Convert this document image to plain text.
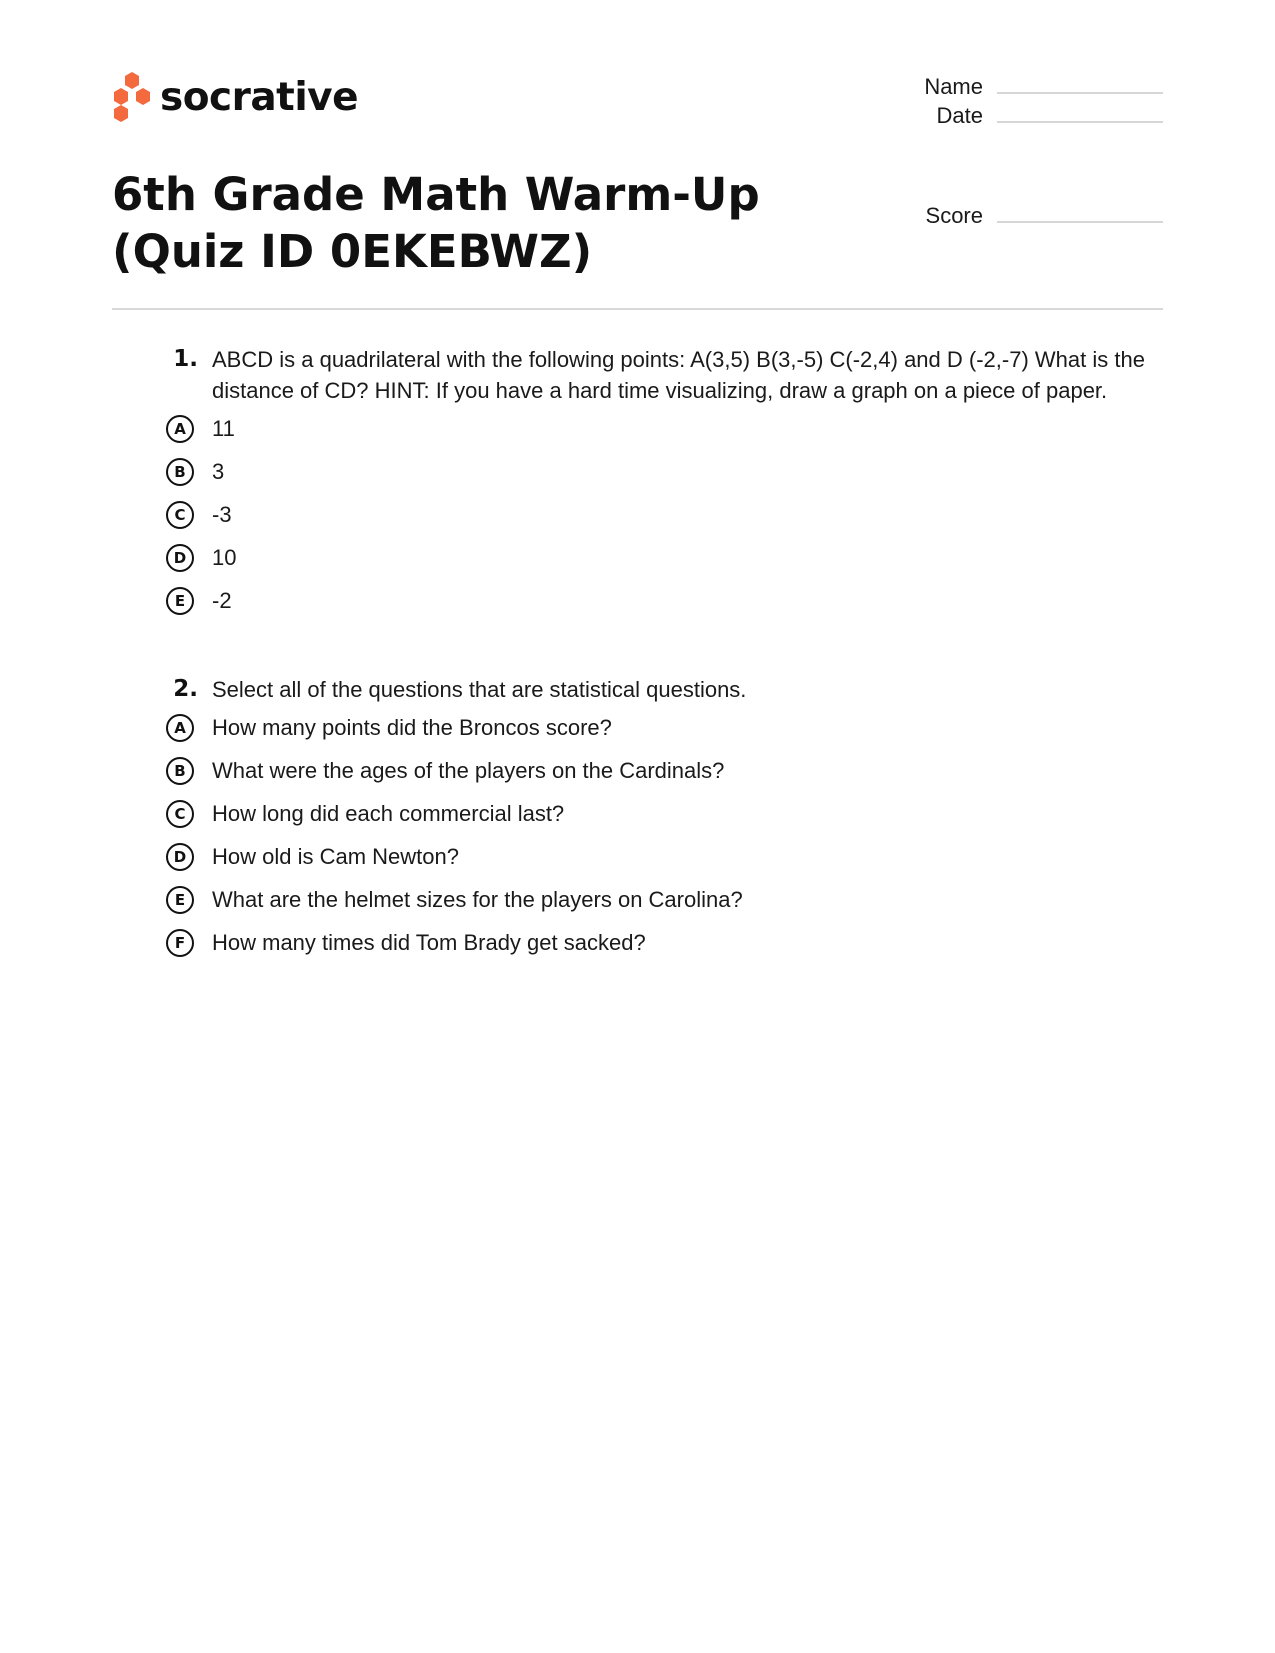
socrative	Name
Date
Score
6th Grade Math Warm-Up (Quiz ID 0EKEBWZ)
1. ABCD is a quadrilateral with the following points: A(3,5) B(3,-5) C(-2,4) and D (-2,-7) What is the distance of CD? HINT: If you have a hard time visualizing, draw a graph on a piece of paper.
A	11
B	3
C	-3
D	10
E	-2
2. Select all of the questions that are statistical questions.
A	How many points did the Broncos score?
B	What were the ages of the players on the Cardinals?
C	How long did each commercial last?
D	How old is Cam Newton?
E	What are the helmet sizes for the players on Carolina?
F	How many times did Tom Brady get sacked?
